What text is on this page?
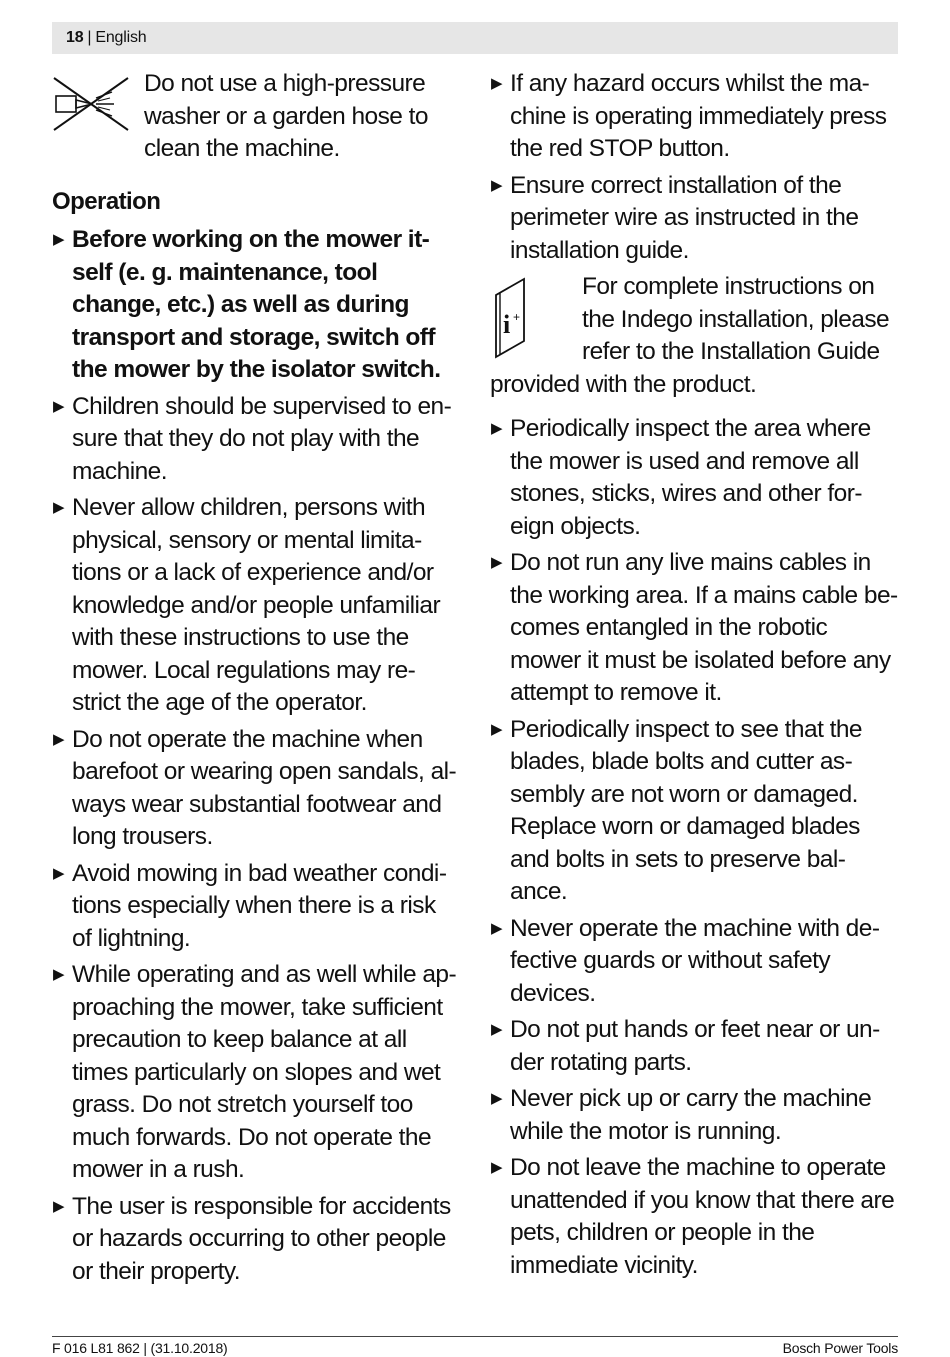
18 | English
Do not use a high-pressure washer or a garden hose to clean the machine.
Operation
▶ Before working on the mower it-self (e. g. maintenance, tool change, etc.) as well as during transport and storage, switch off the mower by the isolator switch.
▶ Children should be supervised to en-sure that they do not play with the machine.
▶ Never allow children, persons with physical, sensory or mental limita-tions or a lack of experience and/or knowledge and/or people unfamiliar with these instructions to use the mower. Local regulations may re-strict the age of the operator.
▶ Do not operate the machine when barefoot or wearing open sandals, al-ways wear substantial footwear and long trousers.
▶ Avoid mowing in bad weather condi-tions especially when there is a risk of lightning.
▶ While operating and as well while ap-proaching the mower, take sufficient precaution to keep balance at all times particularly on slopes and wet grass. Do not stretch yourself too much forwards. Do not operate the mower in a rush.
▶ The user is responsible for accidents or hazards occurring to other people or their property.
▶ If any hazard occurs whilst the ma-chine is operating immediately press the red STOP button.
▶ Ensure correct installation of the perimeter wire as instructed in the installation guide.
i +
For complete instructions on the Indego installation, please refer to the Installation Guide provided with the product.
▶ Periodically inspect the area where the mower is used and remove all stones, sticks, wires and other for-eign objects.
▶ Do not run any live mains cables in the working area. If a mains cable be-comes entangled in the robotic mower it must be isolated before any attempt to remove it.
▶ Periodically inspect to see that the blades, blade bolts and cutter as-sembly are not worn or damaged. Replace worn or damaged blades and bolts in sets to preserve bal-ance.
▶ Never operate the machine with de-fective guards or without safety devices.
▶ Do not put hands or feet near or un-der rotating parts.
▶ Never pick up or carry the machine while the motor is running.
▶ Do not leave the machine to operate unattended if you know that there are pets, children or people in the immediate vicinity.
F 016 L81 862 | (31.10.2018)	Bosch Power Tools
